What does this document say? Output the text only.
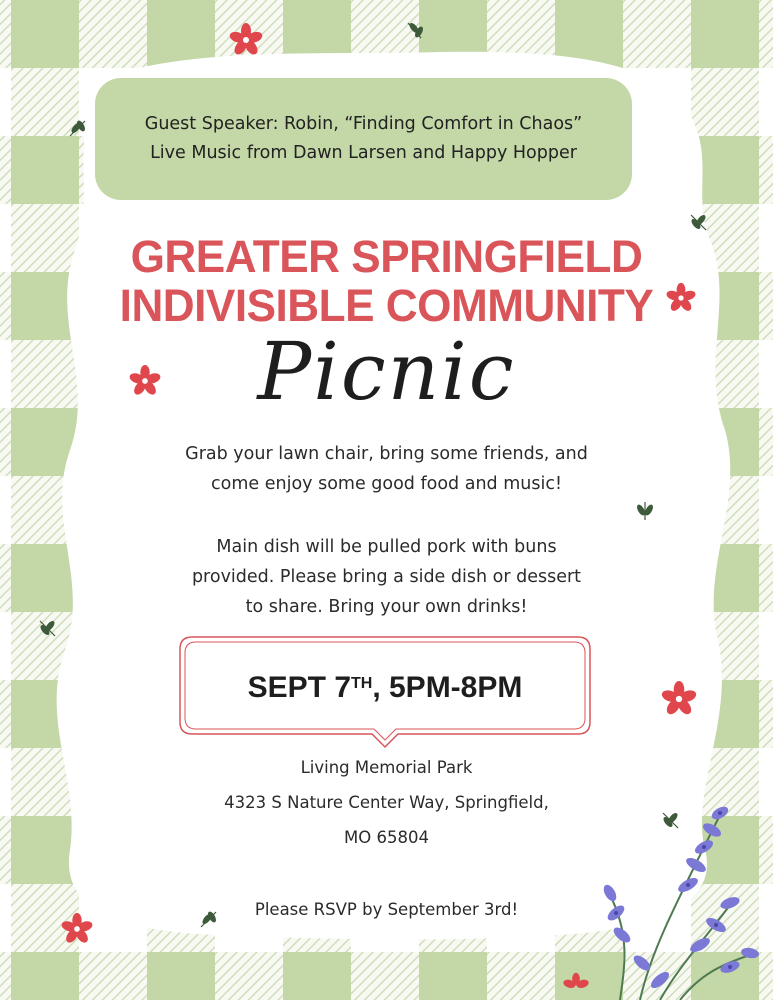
Guest Speaker: Robin, “Finding Comfort in Chaos”
Live Music from Dawn Larsen and Happy Hopper
GREATER SPRINGFIELD
INDIVISIBLE COMMUNITY
Picnic
Grab your lawn chair, bring some friends, and
come enjoy some good food and music!
Main dish will be pulled pork with buns
provided. Please bring a side dish or dessert
to share. Bring your own drinks!
SEPT 7TH , 5PM-8PM
Living Memorial Park
4323 S Nature Center Way, Springfield,
MO 65804
Please RSVP by September 3rd!
